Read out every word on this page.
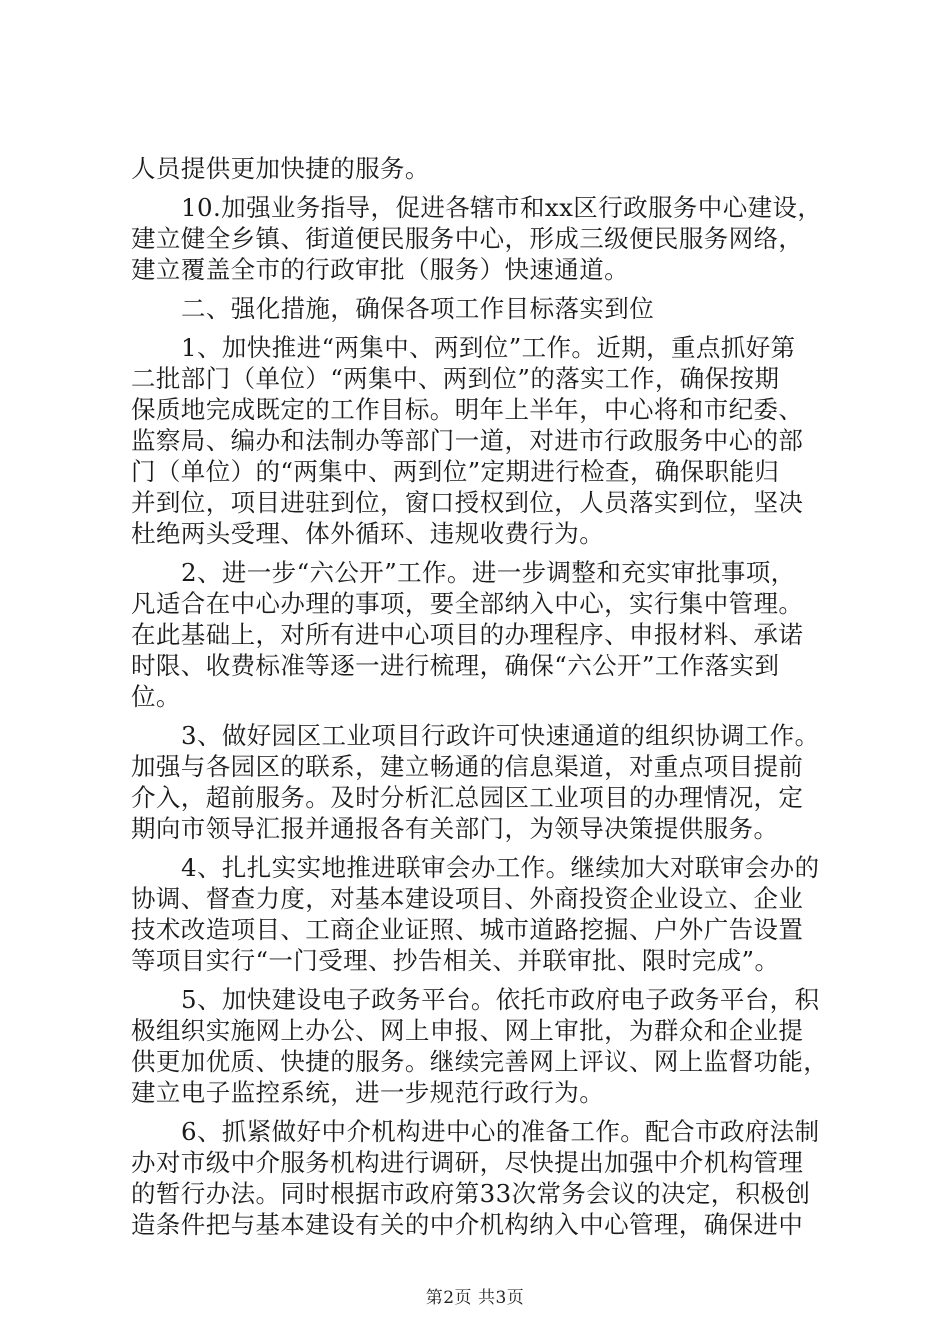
人员提供更加快捷的服务。
10.加强业务指导，促进各辖市和xx区行政服务中心建设，
建立健全乡镇、街道便民服务中心，形成三级便民服务网络，
建立覆盖全市的行政审批（服务）快速通道。
二、强化措施，确保各项工作目标落实到位
1、加快推进“两集中、两到位”工作。近期，重点抓好第
二批部门（单位）“两集中、两到位”的落实工作，确保按期
保质地完成既定的工作目标。明年上半年，中心将和市纪委、
监察局、编办和法制办等部门一道，对进市行政服务中心的部
门（单位）的“两集中、两到位”定期进行检查，确保职能归
并到位，项目进驻到位，窗口授权到位，人员落实到位，坚决
杜绝两头受理、体外循环、违规收费行为。
2、进一步“六公开”工作。进一步调整和充实审批事项，
凡适合在中心办理的事项，要全部纳入中心，实行集中管理。
在此基础上，对所有进中心项目的办理程序、申报材料、承诺
时限、收费标准等逐一进行梳理，确保“六公开”工作落实到
位。
3、做好园区工业项目行政许可快速通道的组织协调工作。
加强与各园区的联系，建立畅通的信息渠道，对重点项目提前
介入，超前服务。及时分析汇总园区工业项目的办理情况，定
期向市领导汇报并通报各有关部门，为领导决策提供服务。
4、扎扎实实地推进联审会办工作。继续加大对联审会办的
协调、督查力度，对基本建设项目、外商投资企业设立、企业
技术改造项目、工商企业证照、城市道路挖掘、户外广告设置
等项目实行“一门受理、抄告相关、并联审批、限时完成”。
5、加快建设电子政务平台。依托市政府电子政务平台，积
极组织实施网上办公、网上申报、网上审批，为群众和企业提
供更加优质、快捷的服务。继续完善网上评议、网上监督功能，
建立电子监控系统，进一步规范行政行为。
6、抓紧做好中介机构进中心的准备工作。配合市政府法制
办对市级中介服务机构进行调研，尽快提出加强中介机构管理
的暂行办法。同时根据市政府第33次常务会议的决定，积极创
造条件把与基本建设有关的中介机构纳入中心管理，确保进中
第2页 共3页
